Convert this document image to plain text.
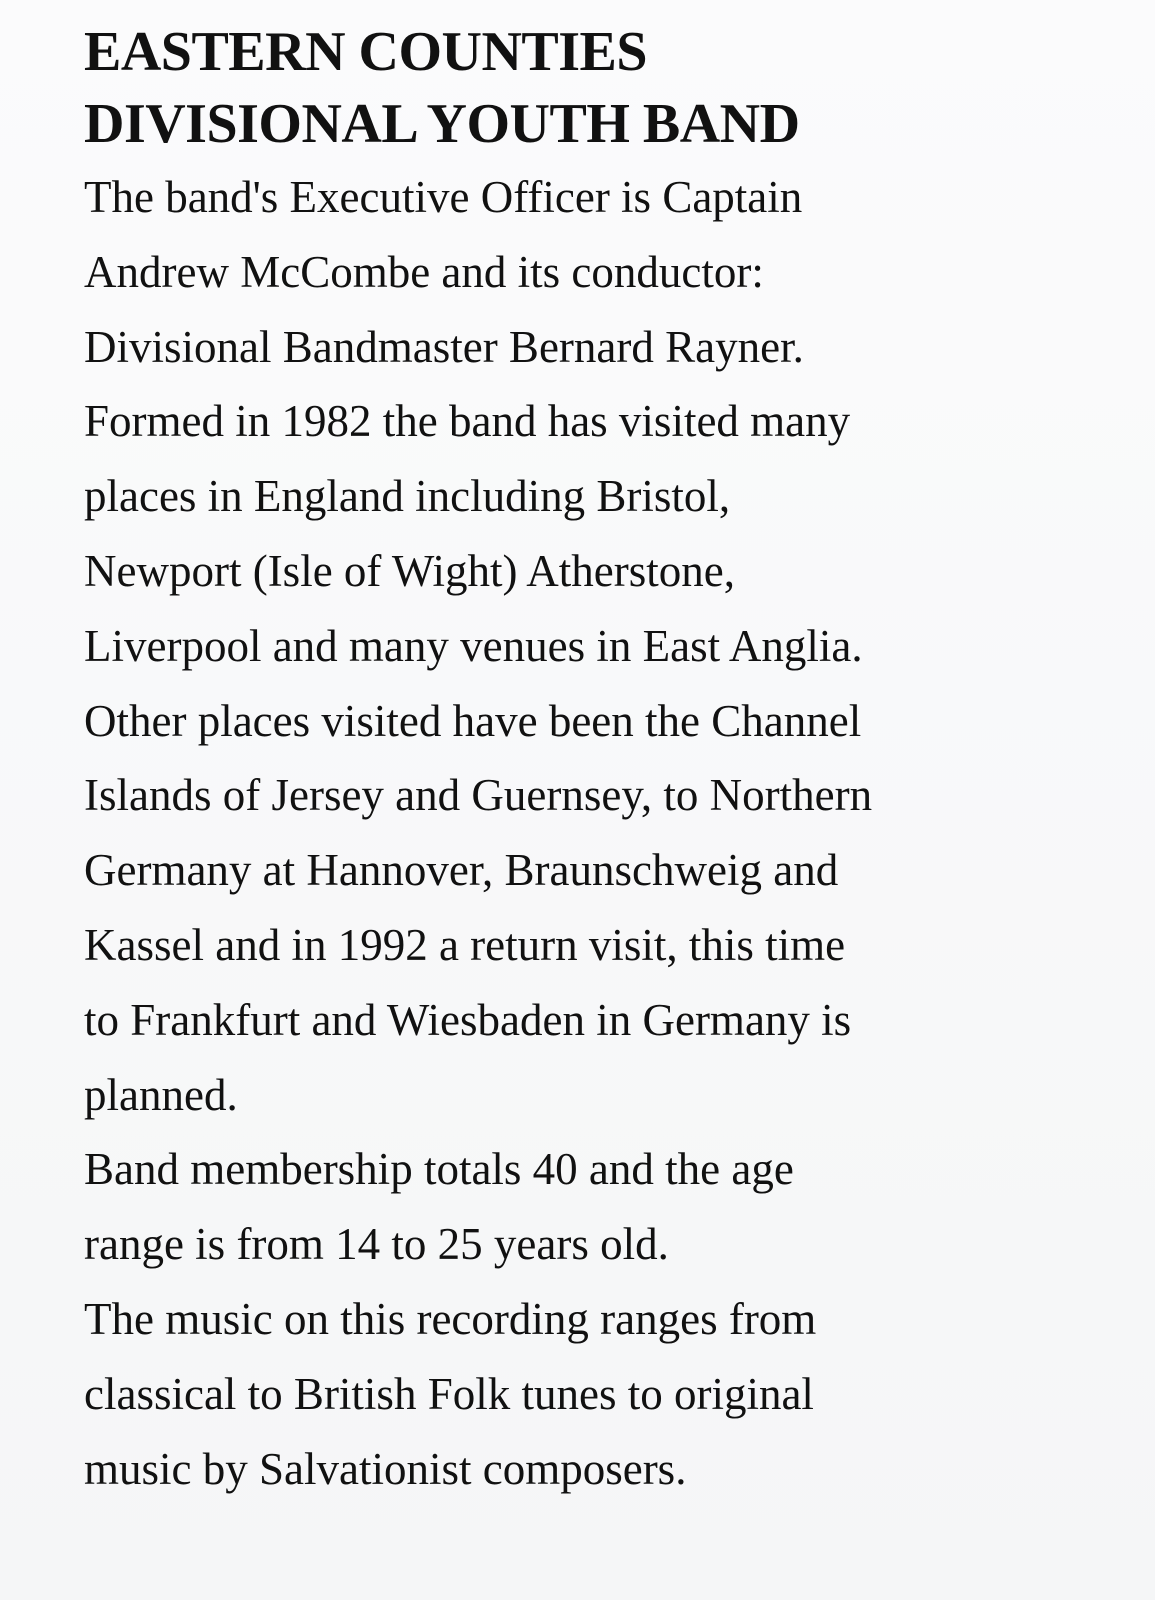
EASTERN COUNTIES
DIVISIONAL YOUTH BAND
The band's Executive Officer is Captain
Andrew McCombe and its conductor:
Divisional Bandmaster Bernard Rayner.
Formed in 1982 the band has visited many
places in England including Bristol,
Newport (Isle of Wight) Atherstone,
Liverpool and many venues in East Anglia.
Other places visited have been the Channel
Islands of Jersey and Guernsey, to Northern
Germany at Hannover, Braunschweig and
Kassel and in 1992 a return visit, this time
to Frankfurt and Wiesbaden in Germany is
planned.
Band membership totals 40 and the age
range is from 14 to 25 years old.
The music on this recording ranges from
classical to British Folk tunes to original
music by Salvationist composers.
